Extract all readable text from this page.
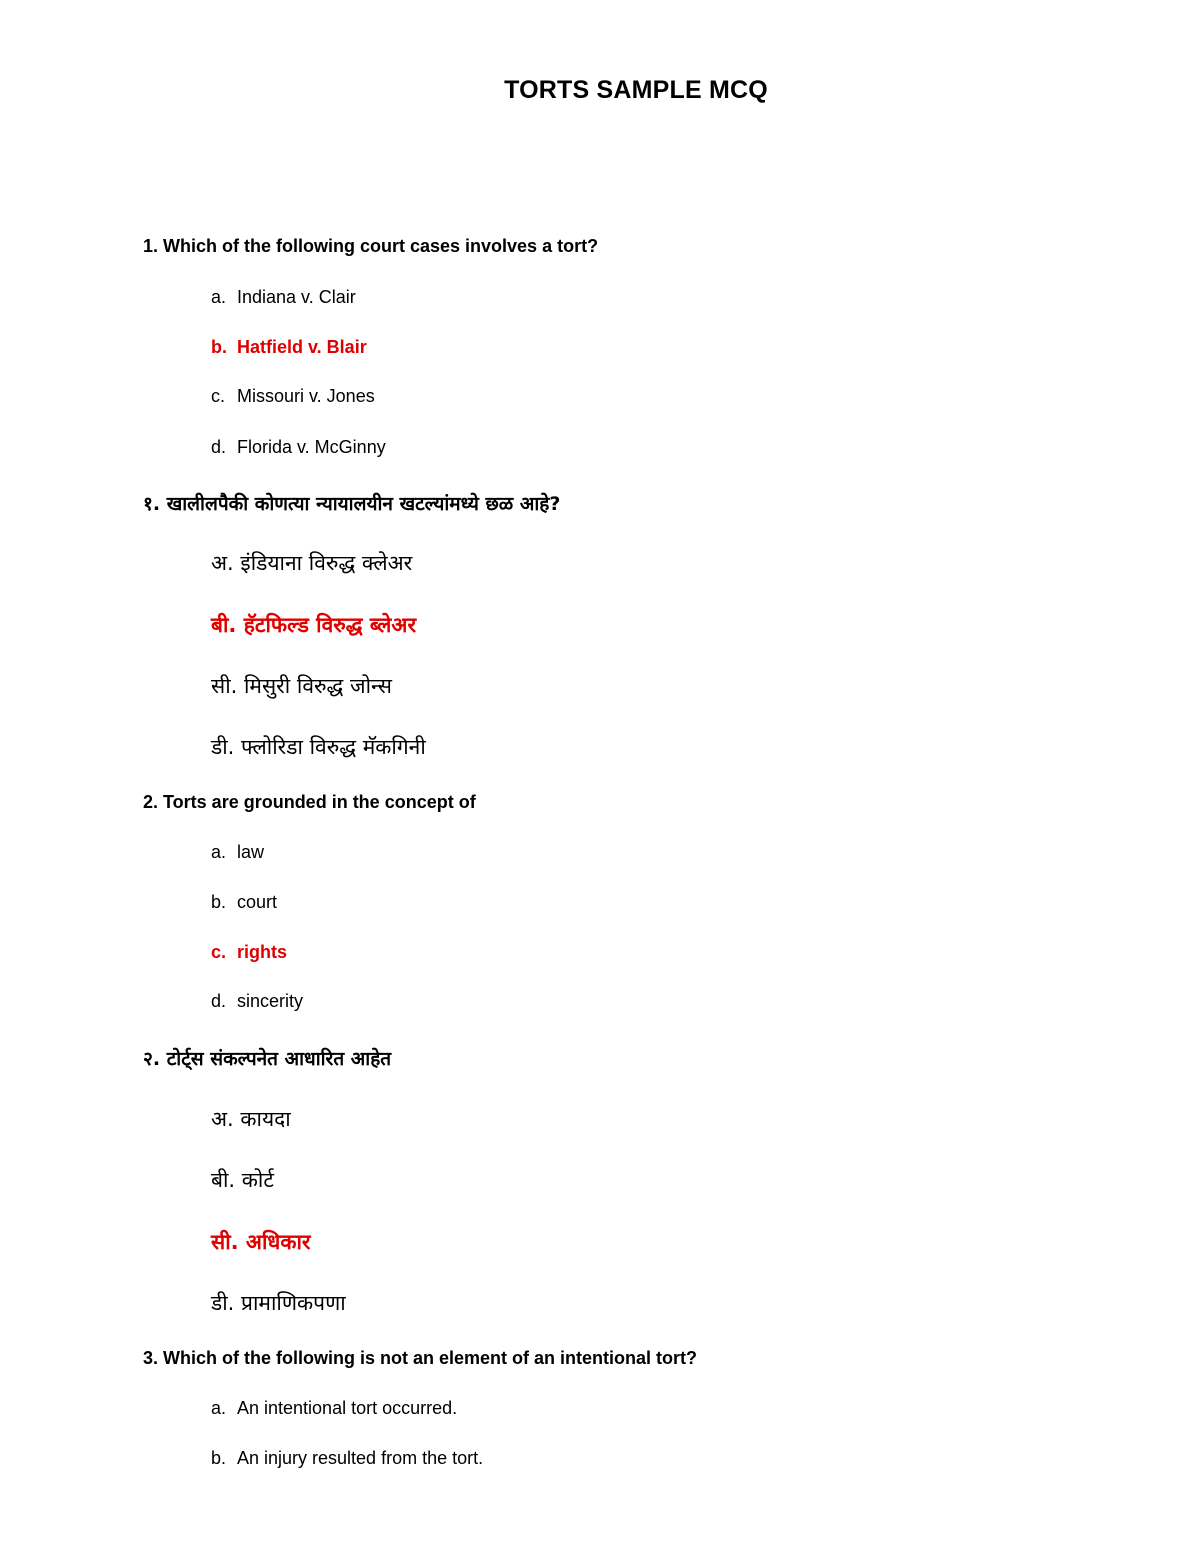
TORTS SAMPLE MCQ
1. Which of the following court cases involves a tort?
a. Indiana v. Clair
b. Hatfield v. Blair
c. Missouri v. Jones
d. Florida v. McGinny
१. खालीलपैकी कोणत्या न्यायालयीन खटल्यांमध्ये छळ आहे?
अ. इंडियाना विरुद्ध क्लेअर
बी. हॅटफिल्ड विरुद्ध ब्लेअर
सी. मिसुरी विरुद्ध जोन्स
डी. फ्लोरिडा विरुद्ध मॅकगिनी
2. Torts are grounded in the concept of
a. law
b. court
c. rights
d. sincerity
२. टोर्ट्स संकल्पनेत आधारित आहेत
अ. कायदा
बी. कोर्ट
सी. अधिकार
डी. प्रामाणिकपणा
3. Which of the following is not an element of an intentional tort?
a. An intentional tort occurred.
b. An injury resulted from the tort.
